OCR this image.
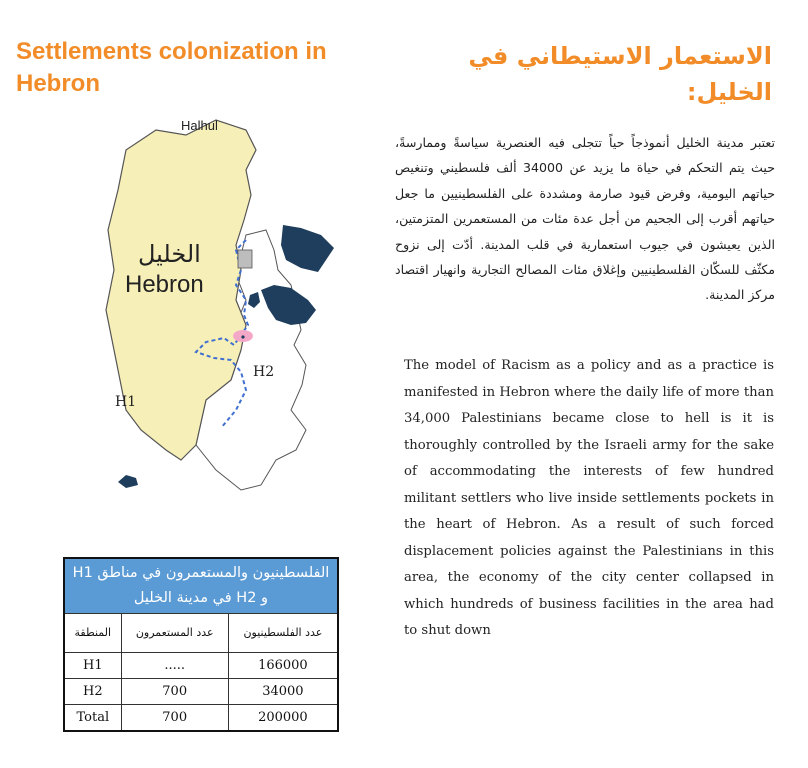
Settlements colonization in Hebron
الاستعمار الاستيطاني في الخليل:
Halhul
الخليل
Hebron
H1
H2
الفلسطينيون والمستعمرون في مناطق H1 و H2 في مدينة الخليل		
المنطقة	عدد المستعمرون	عدد الفلسطينيون
H1	.....	166000
H2	700	34000
Total	700	200000

تعتبر مدينة الخليل أنموذجاً حياً تتجلى فيه العنصرية سياسةً وممارسةً، حيث يتم التحكم في حياة ما يزيد عن 34000 ألف فلسطيني وتنغيص حياتهم اليومية، وفرض قيود صارمة ومشددة على الفلسطينيين ما جعل حياتهم أقرب إلى الجحيم من أجل عدة مئات من المستعمرين المتزمتين، الذين يعيشون في جيوب استعمارية في قلب المدينة. أدّت إلى نزوح مكثّف للسكّان الفلسطينيين وإغلاق مئات المصالح التجارية وانهيار اقتصاد مركز المدينة.

The model of Racism as a policy and as a practice is manifested in Hebron where the daily life of more than 34,000 Palestinians became close to hell is it is thoroughly controlled by the Israeli army for the sake of accommodating the interests of few hundred militant settlers who live inside settlements pockets in the heart of Hebron. As a result of such forced displacement policies against the Palestinians in this area, the economy of the city center collapsed in which hundreds of business facilities in the area had to shut down
